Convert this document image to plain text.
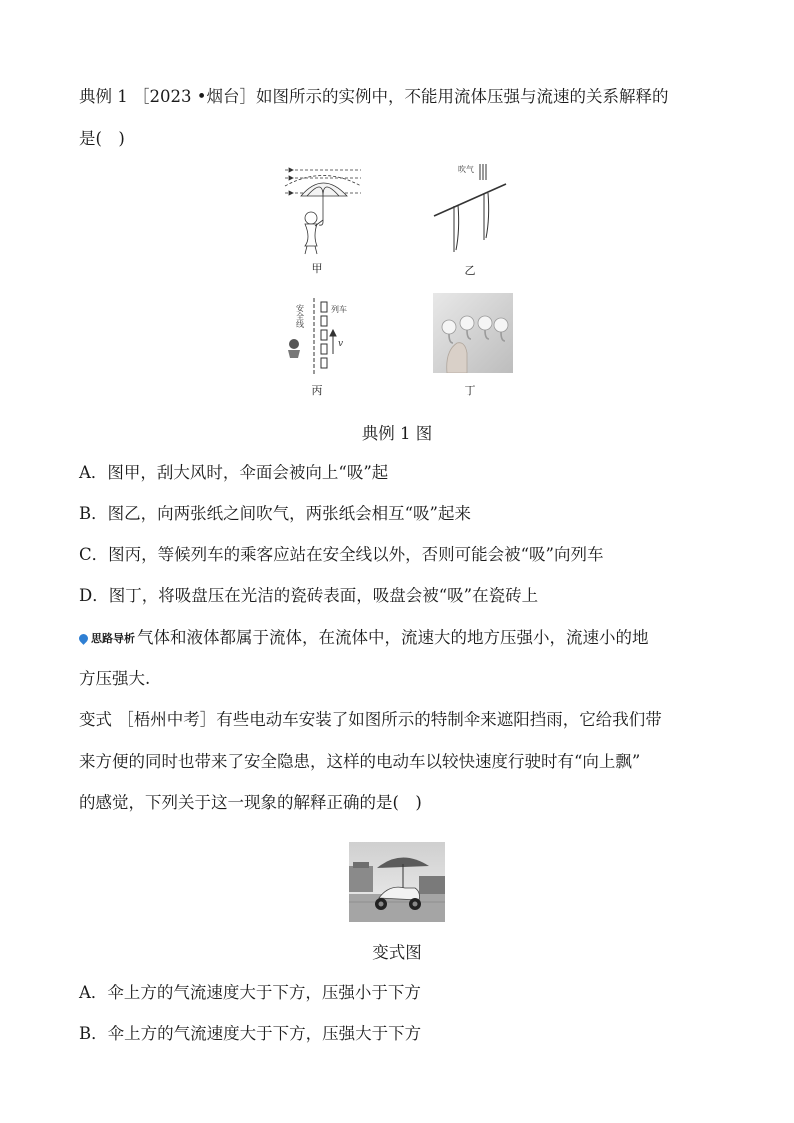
典例 1 ［2023 •烟台］如图所示的实例中，不能用流体压强与流速的关系解释的
是(　)
甲
吹气
乙
安全线	列车
v
丙	丁
典例 1 图
A．图甲，刮大风时，伞面会被向上“吸”起
B．图乙，向两张纸之间吹气，两张纸会相互“吸”起来
C．图丙，等候列车的乘客应站在安全线以外，否则可能会被“吸”向列车
D．图丁，将吸盘压在光洁的瓷砖表面，吸盘会被“吸”在瓷砖上
思路导析 气体和液体都属于流体，在流体中，流速大的地方压强小，流速小的地
方压强大.
变式 ［梧州中考］有些电动车安装了如图所示的特制伞来遮阳挡雨，它给我们带
来方便的同时也带来了安全隐患，这样的电动车以较快速度行驶时有“向上飘”
的感觉，下列关于这一现象的解释正确的是(　)
变式图
A．伞上方的气流速度大于下方，压强小于下方
B．伞上方的气流速度大于下方，压强大于下方
